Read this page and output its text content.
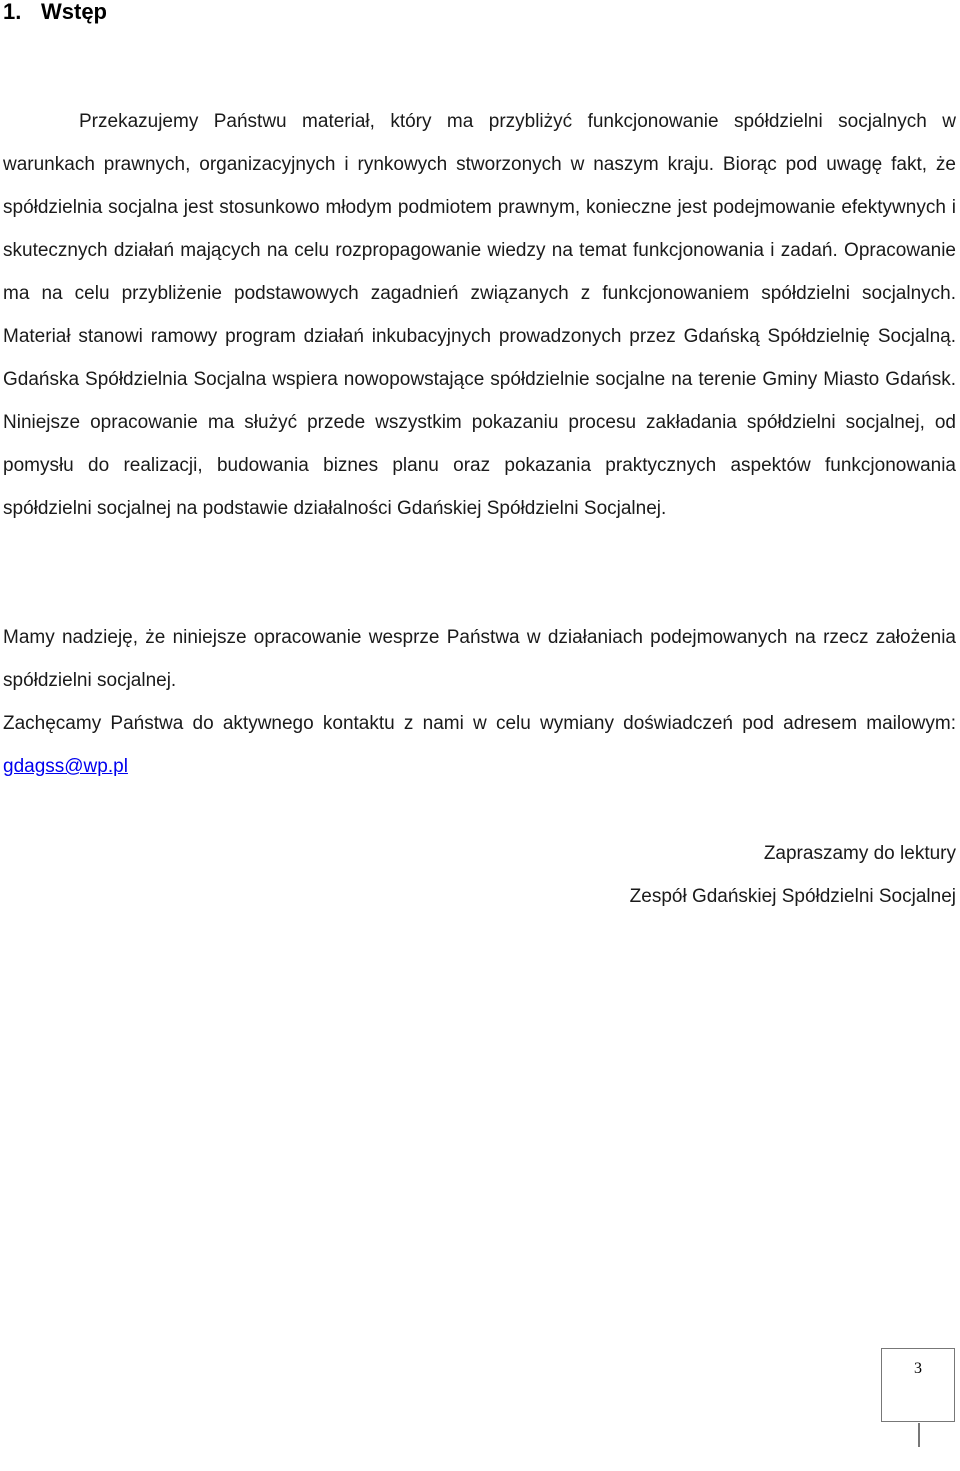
1. Wstęp

Przekazujemy Państwu materiał, który ma przybliżyć funkcjonowanie spółdzielni socjalnych w warunkach prawnych, organizacyjnych i rynkowych stworzonych w naszym kraju. Biorąc pod uwagę fakt, że spółdzielnia socjalna jest stosunkowo młodym podmiotem prawnym, konieczne jest podejmowanie efektywnych i skutecznych działań mających na celu rozpropagowanie wiedzy na temat funkcjonowania i zadań. Opracowanie ma na celu przybliżenie podstawowych zagadnień związanych z funkcjonowaniem spółdzielni socjalnych. Materiał stanowi ramowy program działań inkubacyjnych prowadzonych przez Gdańską Spółdzielnię Socjalną. Gdańska Spółdzielnia Socjalna wspiera nowopowstające spółdzielnie socjalne na terenie Gminy Miasto Gdańsk. Niniejsze opracowanie ma służyć przede wszystkim pokazaniu procesu zakładania spółdzielni socjalnej, od pomysłu do realizacji, budowania biznes planu oraz pokazania praktycznych aspektów funkcjonowania spółdzielni socjalnej na podstawie działalności Gdańskiej Spółdzielni Socjalnej.

Mamy nadzieję, że niniejsze opracowanie wesprze Państwa w działaniach podejmowanych na rzecz założenia spółdzielni socjalnej.

Zachęcamy Państwa do aktywnego kontaktu z nami w celu wymiany doświadczeń pod adresem mailowym: gdagss@wp.pl

Zapraszamy do lektury
Zespół Gdańskiej Spółdzielni Socjalnej
3
